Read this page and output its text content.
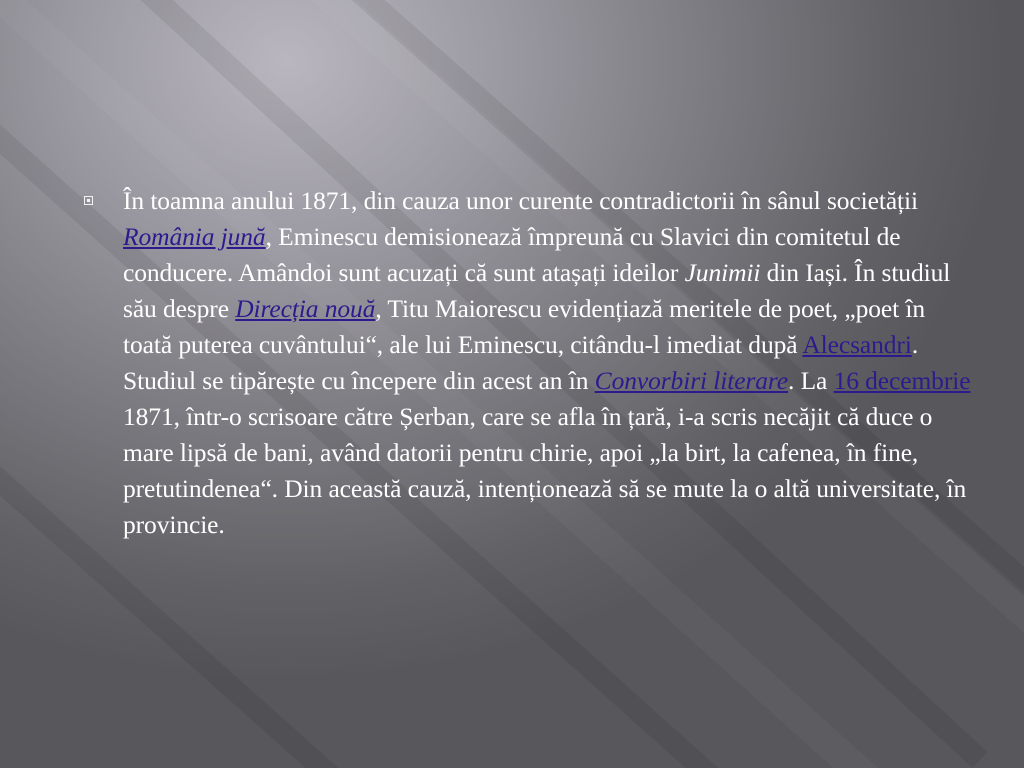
În toamna anului 1871, din cauza unor curente contradictorii în sânul societății România jună, Eminescu demisionează împreună cu Slavici din comitetul de conducere. Amândoi sunt acuzați că sunt atașați ideilor Junimii din Iași. În studiul său despre Direcția nouă, Titu Maiorescu evidențiază meritele de poet, „poet în toată puterea cuvântului“, ale lui Eminescu, citându-l imediat după Alecsandri. Studiul se tipărește cu începere din acest an în Convorbiri literare. La 16 decembrie 1871, într-o scrisoare către Șerban, care se afla în țară, i-a scris necăjit că duce o mare lipsă de bani, având datorii pentru chirie, apoi „la birt, la cafenea, în fine, pretutindenea“. Din această cauză, intenționează să se mute la o altă universitate, în provincie.
